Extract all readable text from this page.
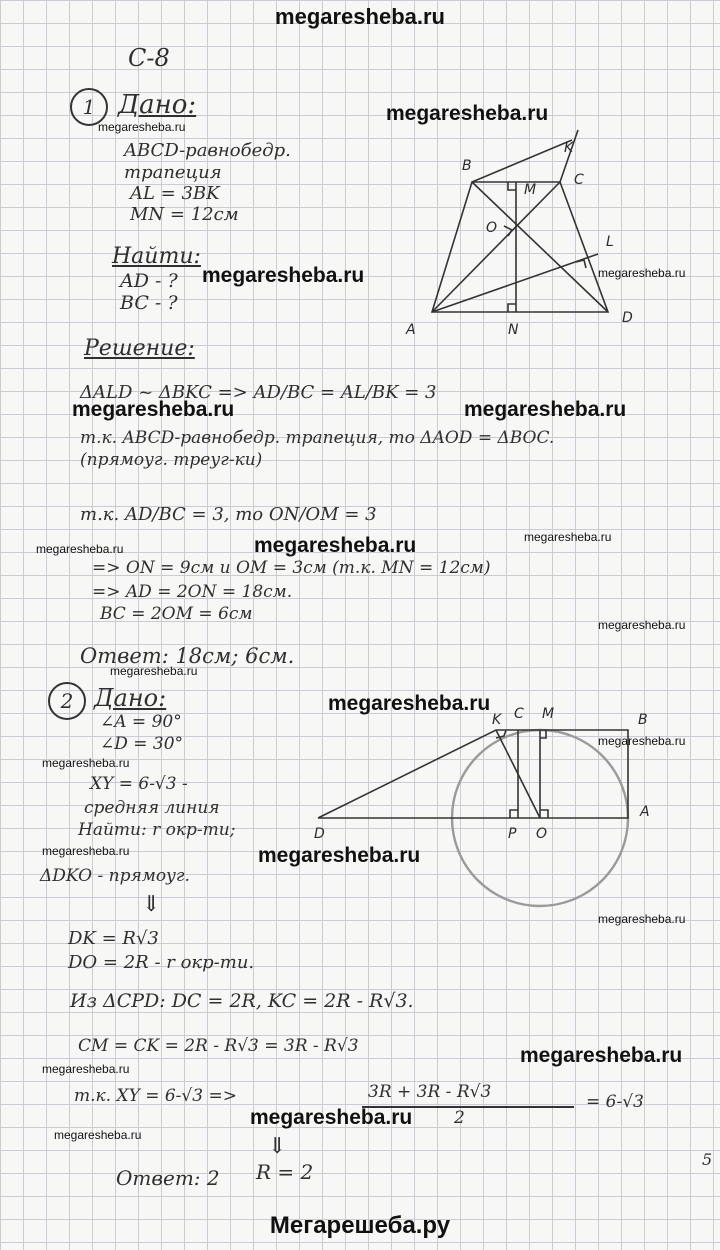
megaresheba.ru
Мегарешеба.ру
5
С-8
1 Дано:
ABCD-равнобедр.
трапеция
AL = 3BK
MN = 12см
Найти:
AD - ?
BC - ?
Решение:
ΔALD ~ ΔBKC => AD/BC = AL/BK = 3
т.к. ABCD-равнобедр. трапеция, то ΔAOD = ΔBOC.
(прямоуг. треуг-ки)
т.к. AD/BC = 3, то ON/OM = 3
=> ON = 9см и OM = 3см (т.к. MN = 12см)
=> AD = 2ON = 18см.
BC = 2OM = 6см
Ответ: 18см; 6см.
2 Дано:
∠A = 90°
∠D = 30°
XY = 6-√3 -
средняя линия
Найти: r окр-ти;
ΔDKO - прямоуг.
⇓
DK = R√3
DO = 2R - r окр-ти.
Из ΔCPD: DC = 2R, KC = 2R - R√3.
CM = CK = 2R - R√3 = 3R - R√3
т.к. XY = 6-√3 =>	3R + 3R - R√3
2
= 6-√3
⇓
R = 2
Ответ: 2
B
C
K
M
O
L
A	N
D
K C M	B
D	P O
A
megaresheba.ru
megaresheba.ru
megaresheba.ru	megaresheba.ru
megaresheba.ru	megaresheba.ru
megaresheba.ru
megaresheba.ru	megaresheba.ru
megaresheba.ru
megaresheba.ru
megaresheba.ru
megaresheba.ru
megaresheba.ru
megaresheba.ru	megaresheba.ru
megaresheba.ru
megaresheba.ru
megaresheba.ru
megaresheba.ru
megaresheba.ru
